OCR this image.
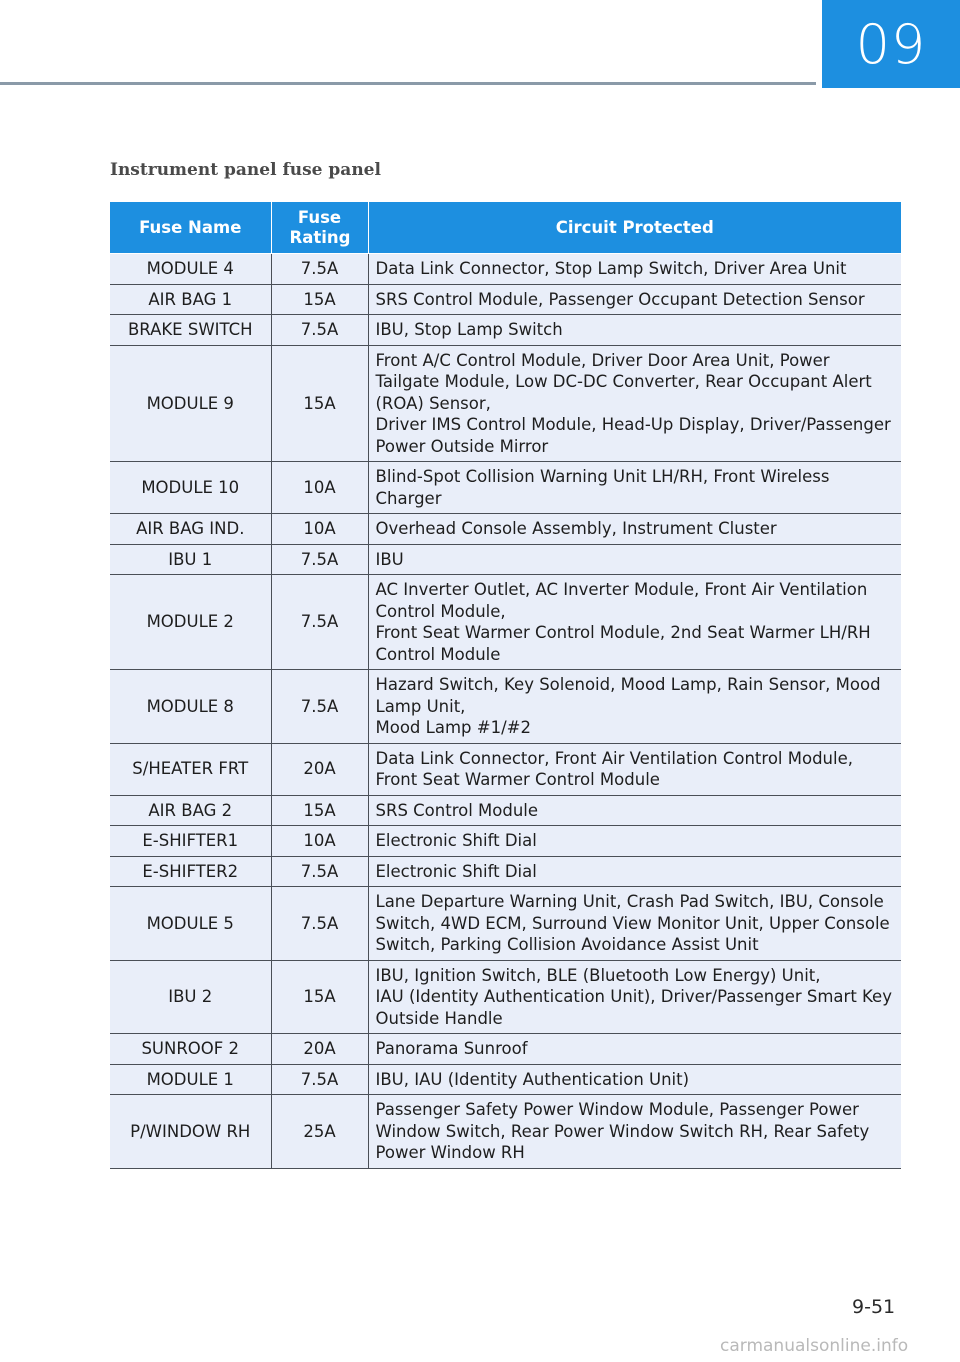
09
Instrument panel fuse panel
Fuse Name	Fuse Rating	Circuit Protected
MODULE 4	7.5A	Data Link Connector, Stop Lamp Switch, Driver Area Unit
AIR BAG 1	15A	SRS Control Module, Passenger Occupant Detection Sensor
BRAKE SWITCH	7.5A	IBU, Stop Lamp Switch
MODULE 9	15A	Front A/C Control Module, Driver Door Area Unit, Power Tailgate Module, Low DC-DC Converter, Rear Occupant Alert (ROA) Sensor,
Driver IMS Control Module, Head-Up Display, Driver/Passenger Power Outside Mirror
MODULE 10	10A	Blind-Spot Collision Warning Unit LH/RH, Front Wireless Charger
AIR BAG IND.	10A	Overhead Console Assembly, Instrument Cluster
IBU 1	7.5A	IBU
MODULE 2	7.5A	AC Inverter Outlet, AC Inverter Module, Front Air Ventilation Control Module,
Front Seat Warmer Control Module, 2nd Seat Warmer LH/RH Control Module
MODULE 8	7.5A	Hazard Switch, Key Solenoid, Mood Lamp, Rain Sensor, Mood Lamp Unit,
Mood Lamp #1/#2
S/HEATER FRT	20A	Data Link Connector, Front Air Ventilation Control Module, Front Seat Warmer Control Module
AIR BAG 2	15A	SRS Control Module
E-SHIFTER1	10A	Electronic Shift Dial
E-SHIFTER2	7.5A	Electronic Shift Dial
MODULE 5	7.5A	Lane Departure Warning Unit, Crash Pad Switch, IBU, Console Switch, 4WD ECM, Surround View Monitor Unit, Upper Console Switch, Parking Collision Avoidance Assist Unit
IBU 2	15A	IBU, Ignition Switch, BLE (Bluetooth Low Energy) Unit,
IAU (Identity Authentication Unit), Driver/Passenger Smart Key Outside Handle
SUNROOF 2	20A	Panorama Sunroof
MODULE 1	7.5A	IBU, IAU (Identity Authentication Unit)
P/WINDOW RH	25A	Passenger Safety Power Window Module, Passenger Power Window Switch, Rear Power Window Switch RH, Rear Safety Power Window RH
9-51
carmanualsonline.info
